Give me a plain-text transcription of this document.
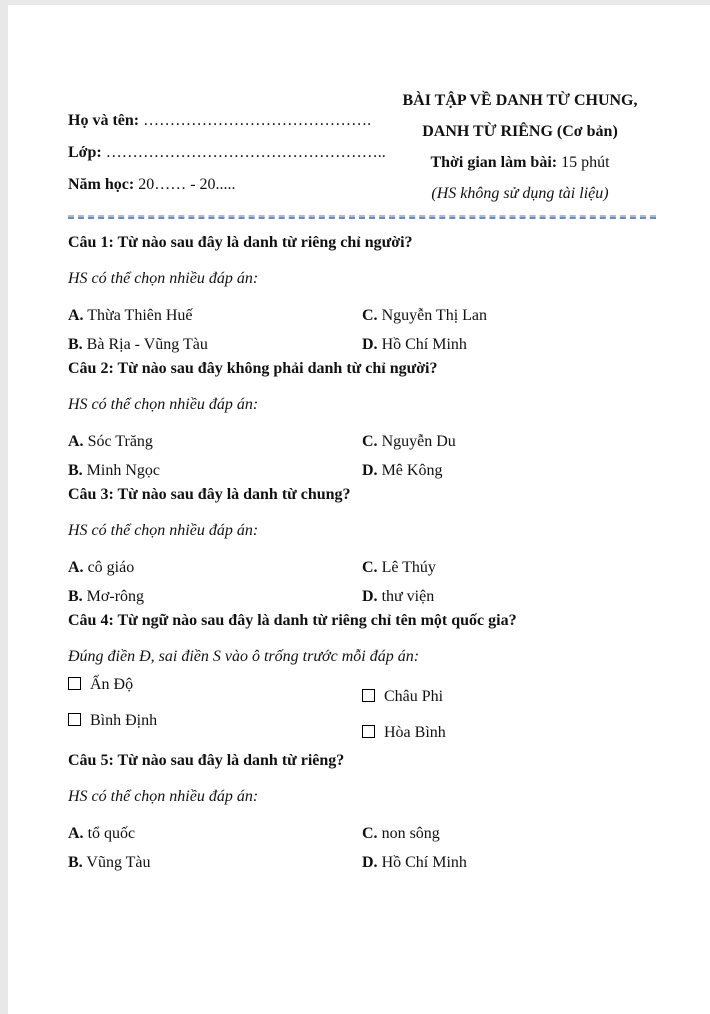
Họ và tên: …………………………………….
Lớp: ……………………………………………..
Năm học: 20…… - 20.....
BÀI TẬP VỀ DANH TỪ CHUNG,
DANH TỪ RIÊNG (Cơ bản)
Thời gian làm bài: 15 phút
(HS không sử dụng tài liệu)
Câu 1: Từ nào sau đây là danh từ riêng chỉ người?
HS có thể chọn nhiều đáp án:
A. Thừa Thiên Huế
B. Bà Rịa - Vũng Tàu
C. Nguyễn Thị Lan
D. Hồ Chí Minh
Câu 2: Từ nào sau đây không phải danh từ chỉ người?
HS có thể chọn nhiều đáp án:
A. Sóc Trăng
B. Minh Ngọc
C. Nguyễn Du
D. Mê Kông
Câu 3: Từ nào sau đây là danh từ chung?
HS có thể chọn nhiều đáp án:
A. cô giáo
B. Mơ-rông
C. Lê Thúy
D. thư viện
Câu 4: Từ ngữ nào sau đây là danh từ riêng chỉ tên một quốc gia?
Đúng điền Đ, sai điền S vào ô trống trước mỗi đáp án:
Ấn Độ
Bình Định
Châu Phi
Hòa Bình
Câu 5: Từ nào sau đây là danh từ riêng?
HS có thể chọn nhiều đáp án:
A. tổ quốc
B. Vũng Tàu
C. non sông
D. Hồ Chí Minh
